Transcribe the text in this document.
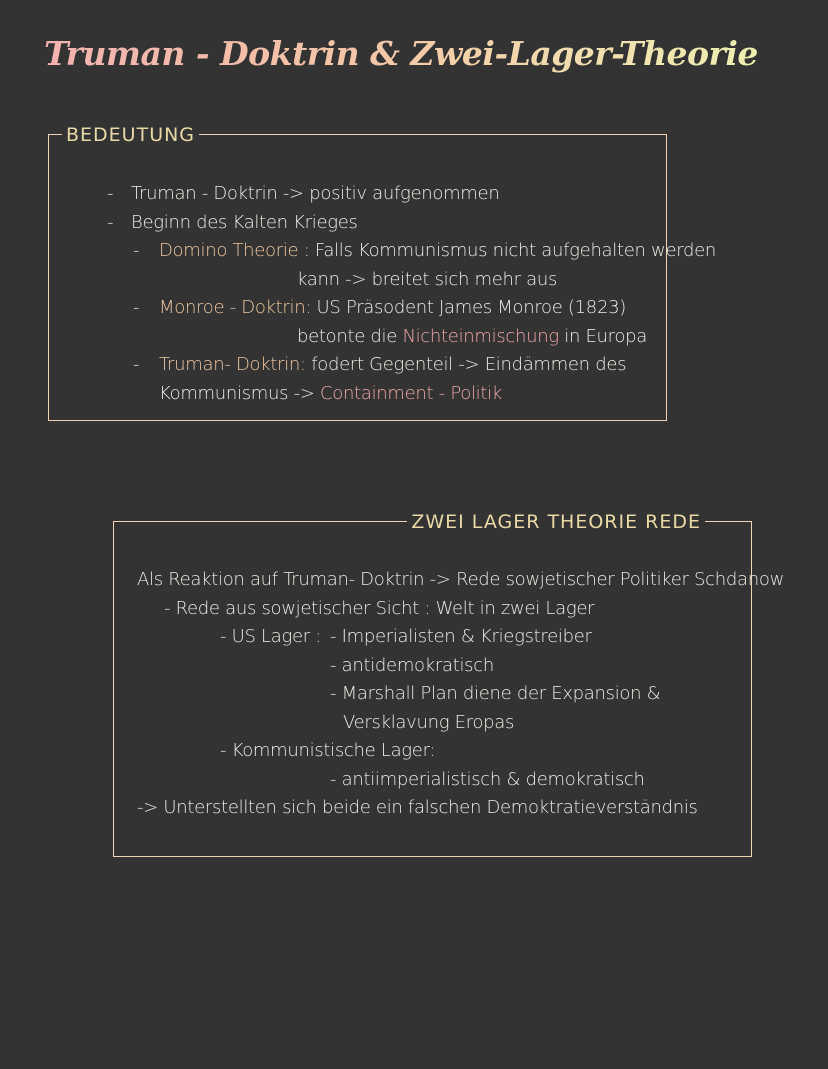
Truman - Doktrin & Zwei-Lager-Theorie
BEDEUTUNG
- Truman - Doktrin -> positiv aufgenommen
- Beginn des Kalten Krieges
- Domino Theorie : Falls Kommunismus nicht aufgehalten werden
kann -> breitet sich mehr aus
- Monroe - Doktrin: US Präsodent James Monroe (1823)
betonte die Nichteinmischung in Europa
- Truman- Doktrin: fodert Gegenteil -> Eindämmen des
Kommunismus -> Containment - Politik
ZWEI LAGER THEORIE REDE
Als Reaktion auf Truman- Doktrin -> Rede sowjetischer Politiker Schdanow
- Rede aus sowjetischer Sicht : Welt in zwei Lager
- US Lager : - Imperialisten & Kriegstreiber
- antidemokratisch
- Marshall Plan diene der Expansion &
Versklavung Eropas
- Kommunistische Lager:
- antiimperialistisch & demokratisch
-> Unterstellten sich beide ein falschen Demoktratieverständnis
